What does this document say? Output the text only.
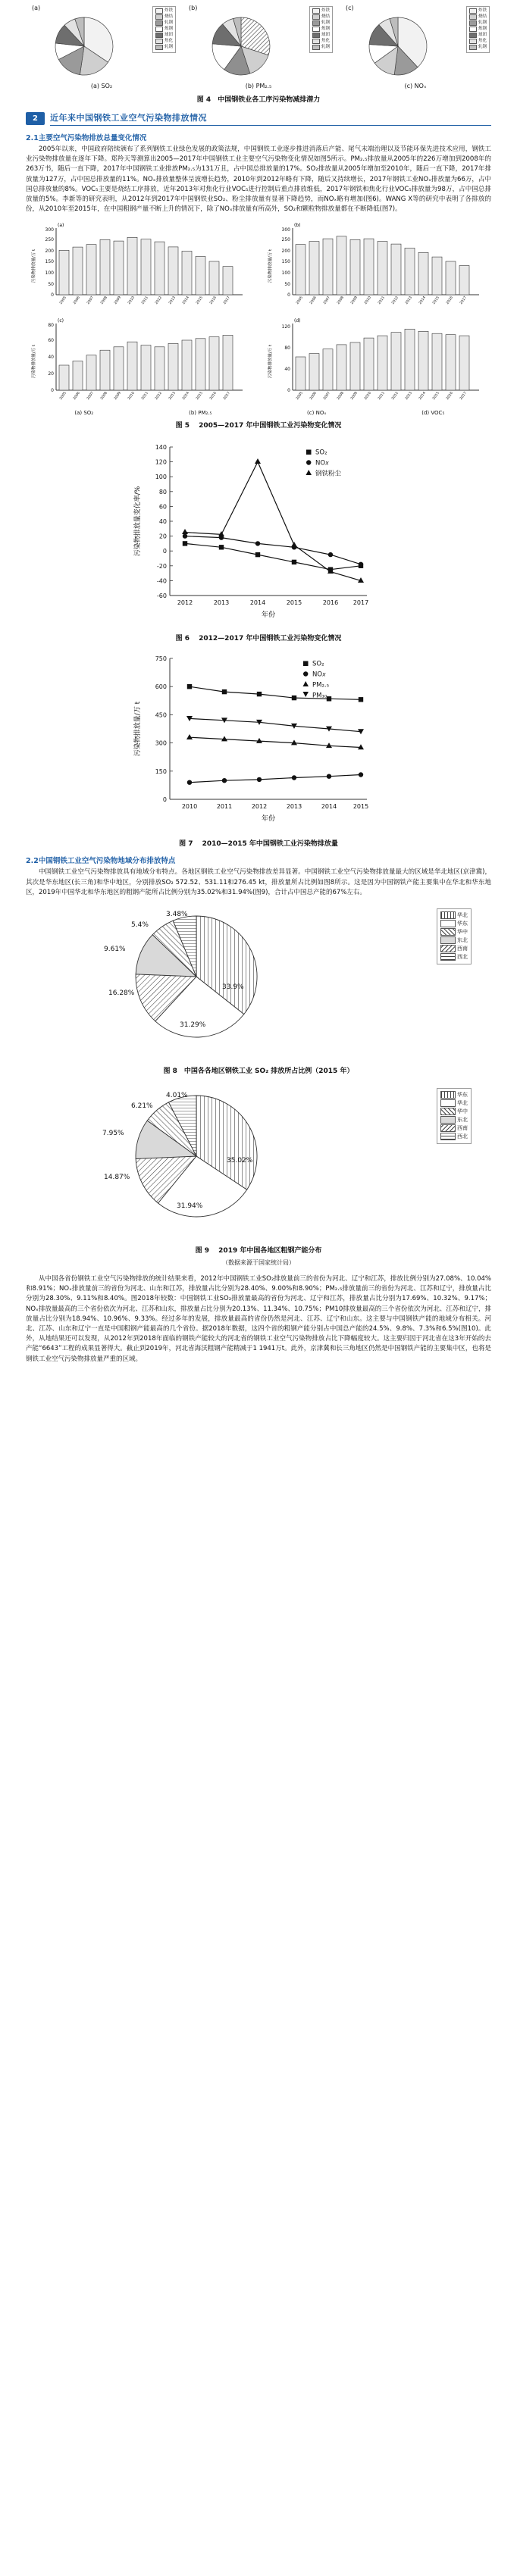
(a)	炸铁
烧结
轧钢
炼钢
球团
焦化
轧钢
(b)	炸铁
烧结
轧钢
炼钢
球团
焦化
轧钢
(c)	炸铁
烧结
轧钢
炼钢
球团
焦化
轧钢
(a) SO₂	(b) PM₂.₅	(c) NOₓ
图 4　中国钢铁业各工序污染物减排潜力
2	近年来中国钢铁工业空气污染物排放情况
2.1主要空气污染物排放总量变化情况

2005年以来，中国政府陪续颁布了系列钢铁工业绿色发展的政策法规，中国钢铁工业逐步推进消落后产能、尾气末端治理以及节能环保先进技术应用，钢铁工业污染物排放量在逐年下降。郑羚天等测算出2005—2017年中国钢铁工业主要空气污染物变化情况如图5所示。PM₂.₅排放量从2005年的226万增加到2008年的263万书，随后一直下降，2017年中国钢铁工业排放PM₂.₅为131万且，占中国总排放量的17%。SO₂排放量从2005年增加至2010年，随后一直下降，2017年排放量为127万，占中国总排放量的11%。NOₓ排放量整体呈波增长趋势，2010年到2012年略有下降，随后又持续增长，2017年钢铁工业NOₓ排放量为66万，占中国总排放量的8%。VOC₅主要是烧结工序排放，近年2013年对焦化行业VOC₅进行控制后重点排放维低，2017年钢铁和焦化行业VOC₅排放量为98万，占中国总排放量的5%。李新等的研究表明，从2012年到2017年中国钢铁业SO₂、粉尘排放量有显著下降趋势，而NOₓ略有增加(图6)。WANG X等的研究中表明了各排放的份，从2010年至2015年，在中国粗钢产量不断上升的情况下，除了NOₓ排放量有所高外，SO₂和颗粒物排放量都在不断降低(图7)。

0
50
100
150
200
250
300
2005 2006 2007 2008 2009 2010 2011 2012 2013 2014 2015 2016 2017
污染物排放量/万 t
(a)
0
50
100
150
200
250
300
2005 2006 2007 2008 2009 2010 2011 2012 2013 2014 2015 2016 2017
污染物排放量/万 t
(b)
0
20
40
60
80
2005 2006 2007 2008 2009 2010 2011 2012 2013 2014 2015 2016 2017
污染物排放量/万 t
(c)
0
40
80
120
2005 2006 2007 2008 2009 2010 2011 2012 2013 2014 2015 2016 2017
污染物排放量/万 t
(d)
(a) SO₂	(b) PM₂.₅	(c) NOₓ	(d) VOC₅
图 5　 2005—2017 年中国钢铁工业污染物变化情况
140
120
100
80
60
40
20
0
-20
-40
-60
2012	2013	2014	2015	2016 2017
年份
污染物排放量变化率/%
SO₂
NO𝑥
钢铁粉尘
图 6　 2012—2017 年中国钢铁工业污染物变化情况
750
600
450
300
150
0
2010	2011	2012	2013	2014	2015
年份
污染物排放量/万 t
SO₂
NO𝑥
PM₂.₅
PM₁₀
图 7　 2010—2015 年中国钢铁工业污染物排放量
2.2中国钢铁工业空气污染物地域分布排放特点

中国钢铁工业空气污染物排放具有地域分布特点。各地区钢铁工业空气污染物排放差异显著。中国钢铁工业空气污染物排放量最大的区域是华北地区(京津冀)，其次是华东地区(长三角)和华中地区，分别排放SO₂ 572.52、531.11和276.45 kt，排放量所占比例如图8所示。这是因为中国钢铁产能主要集中在华北和华东地区，2019年中国华北和华东地区的粗钢产能所占比例分别为35.02%和31.94%(图9)，合计占中国总产能的67%左右。

33.9%
31.29%
16.28%
9.61%
5.4%
3.48%	华北
华东
华中
东北
西南
西北
图 8　中国各各地区钢铁工业 SO₂ 排放所占比例（2015 年）
35.02%
31.94%
14.87%
7.95%
6.21%
4.01%	华东
华北
华中
东北
西南
西北
图 9　 2019 年中国各地区粗钢产能分布
（数据来源于国家统计局）

从中国各省份钢铁工业空气污染物排放的统计结果来看，2012年中国钢铁工业SO₂排放量前三的省份为河北、辽宁和江苏，排放比例分别为27.08%、10.04%和8.91%；NOₓ排放量前三的省份为河北、山东和江苏，排放量占比分别为28.40%、9.00%和8.90%；PM₂.₅排放量前三的省份为河北、江苏和辽宁，排放量占比分别为28.30%、9.11%和8.40%。图2018年较数：中国钢铁工业SO₂排放量最高的省份为河北、辽宁和江苏，排放量占比分别为17.69%、10.32%、9.17%；NOₓ排放量最高的三个省份依次为河北、江苏和山东，排放量占比分别为20.13%、11.34%、10.75%；PM10排放量最高的三个省份依次为河北、江苏和辽宁，排放量占比分别为18.94%、10.96%、9.33%。经过多年的发展，排放量最高的省份仍然是河北、江苏、辽宁和山东。这主要与中国钢铁产能的地域分布相关。河北、江苏、山东和辽宁一直是中国粗钢产能最高的几个省份。据2018年数据，这四个省的粗钢产能分别占中国总产能的24.5%、9.8%、7.3%和6.5%(图10)。此外，从地结果还可以发现，从2012年到2018年面临的钢铁产能较大的河北省的钢铁工业空气污染物排放占比下降幅度较大。这主要归因于河北省在这3年开始的去产能“6643”工程的成果显著得大。截止到2019年，河北省海沃粗钢产能精减于1 1941万t。此外，京津冀和长三角地区仍然是中国钢铁产能的主要集中区，也将是钢铁工业空气污染物排放量严重的区域。
